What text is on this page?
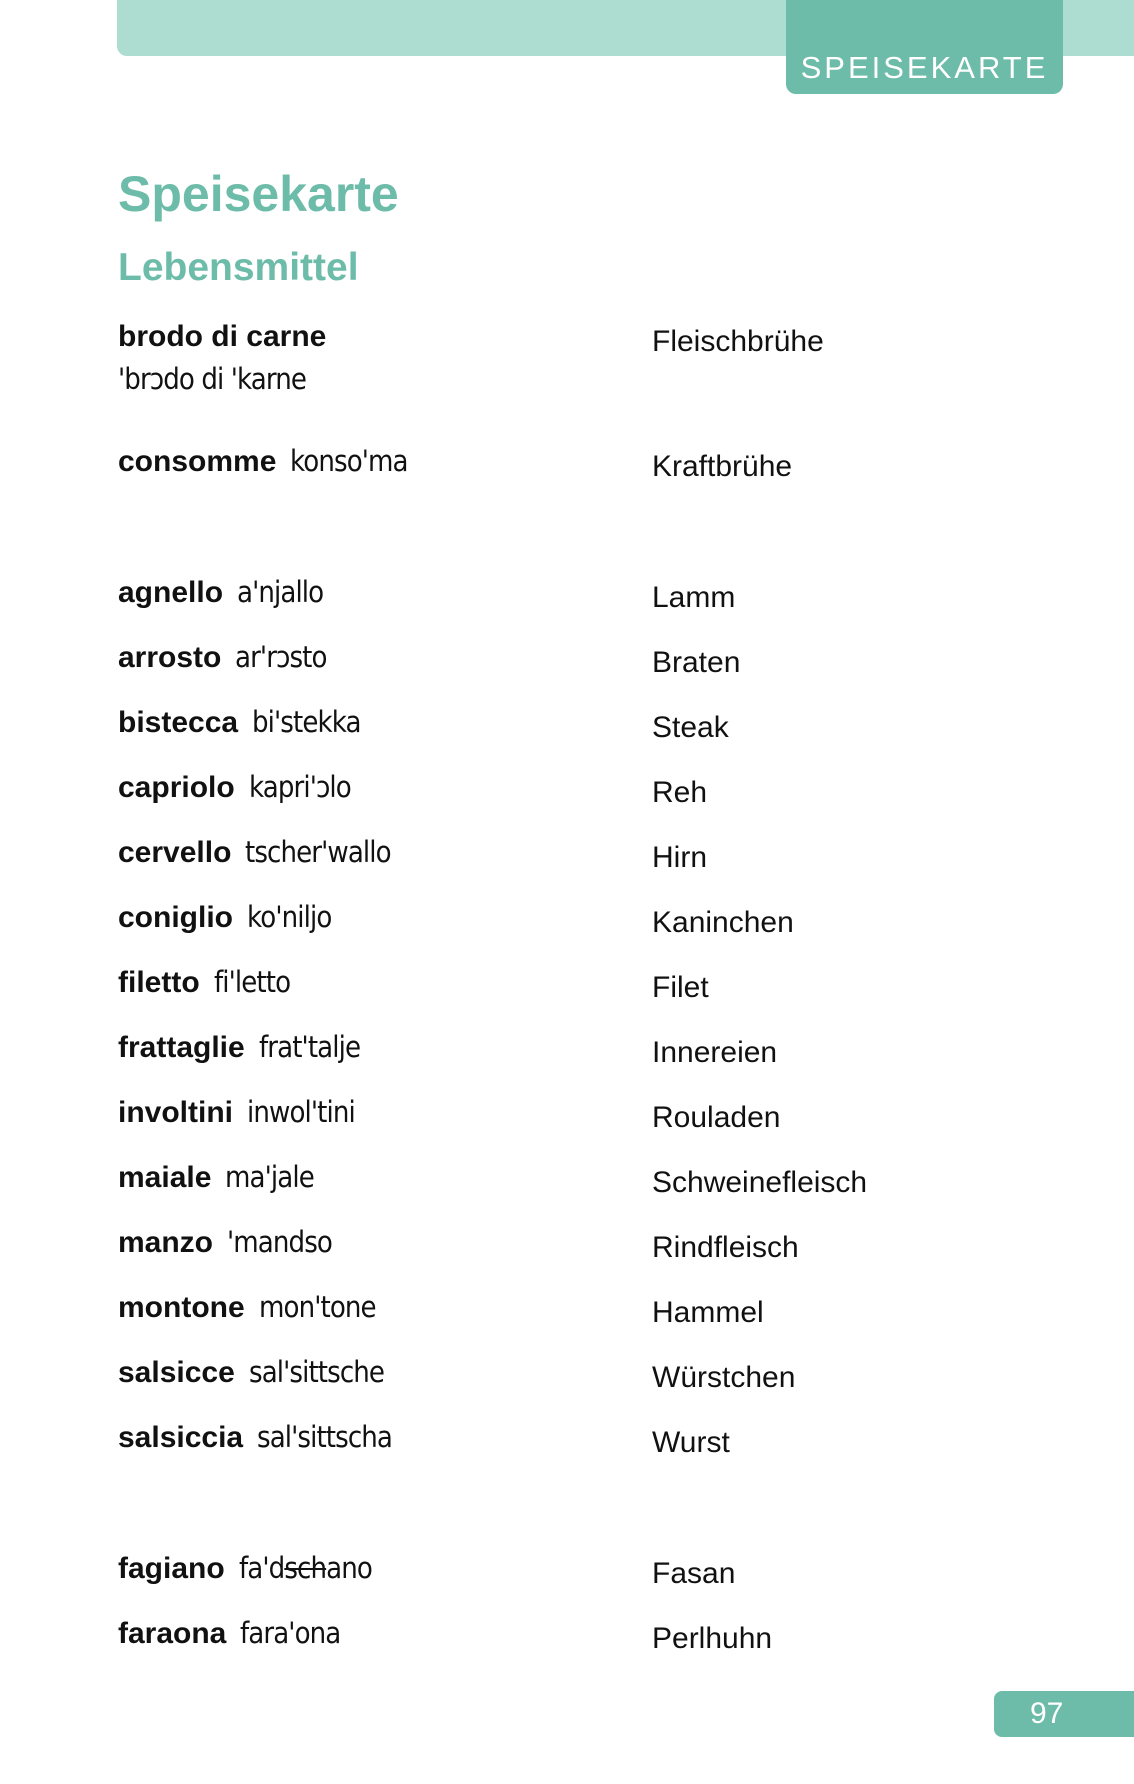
SPEISEKARTE
Speisekarte
Lebensmittel
brodo di carne	Fleischbrühe
'brɔdo di 'karne
consomme konso'ma	Kraftbrühe
agnello a'njallo	Lamm
arrosto ar'rɔsto	Braten
bistecca bi'stekka	Steak
capriolo kapri'ɔlo	Reh
cervello tscher'wallo	Hirn
coniglio ko'niljo	Kaninchen
filetto fi'letto	Filet
frattaglie frat'talje	Innereien
involtini inwol'tini	Rouladen
maiale ma'jale	Schweinefleisch
manzo 'mandso	Rindfleisch
montone mon'tone	Hammel
salsicce sal'sittsche	Würstchen
salsiccia sal'sittscha	Wurst
fagiano fa'dschano	Fasan
faraona fara'ona	Perlhuhn
97
